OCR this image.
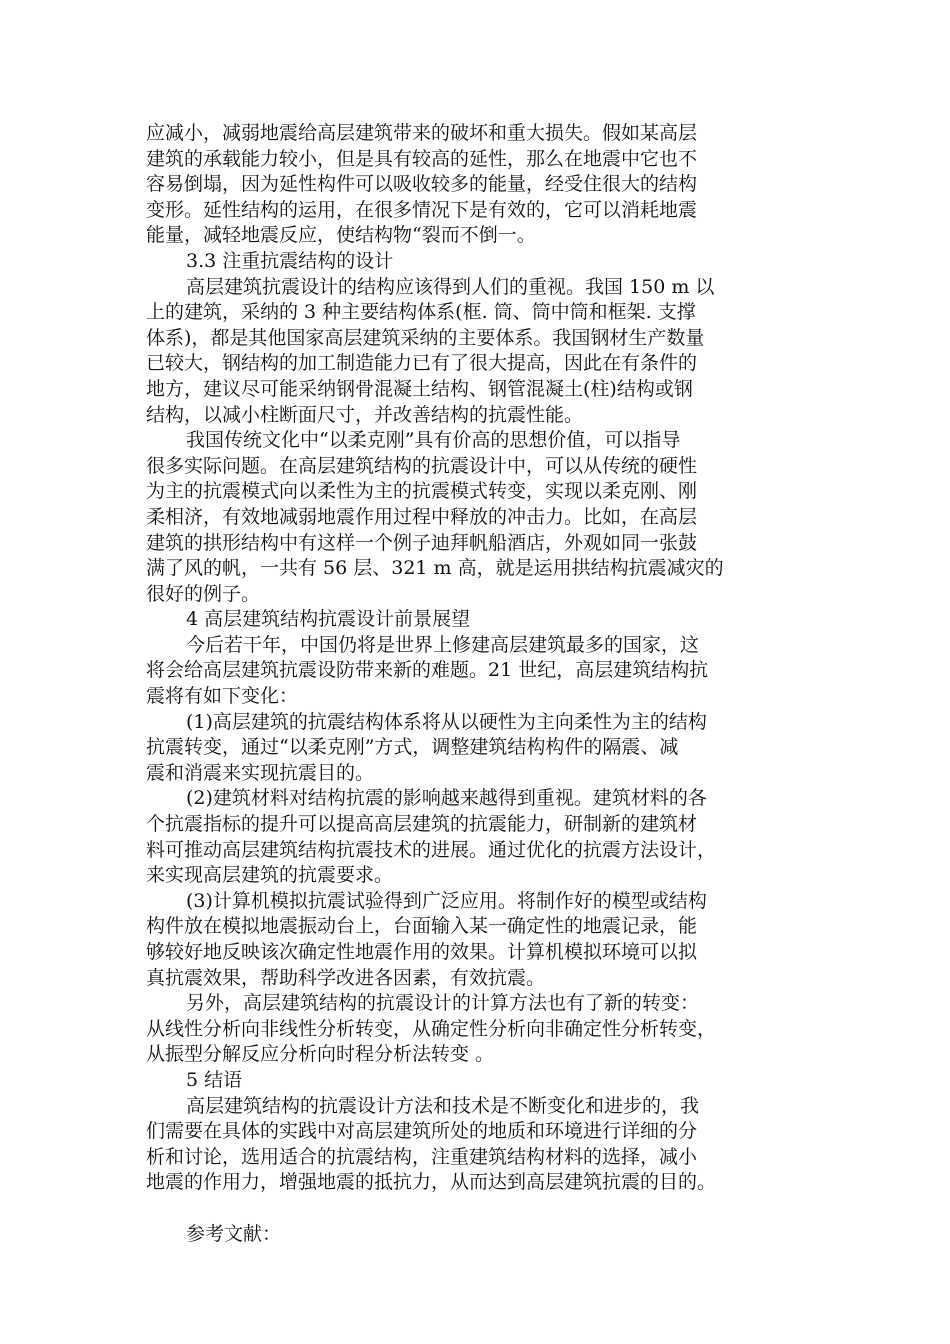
应减小，减弱地震给高层建筑带来的破坏和重大损失。假如某高层
建筑的承载能力较小，但是具有较高的延性，那么在地震中它也不
容易倒塌，因为延性构件可以吸收较多的能量，经受住很大的结构
变形。延性结构的运用，在很多情况下是有效的，它可以消耗地震
能量，减轻地震反应，使结构物“裂而不倒一。
3.3 注重抗震结构的设计
高层建筑抗震设计的结构应该得到人们的重视。我国 150 m 以
上的建筑，采纳的 3 种主要结构体系(框. 筒、筒中筒和框架. 支撑
体系)，都是其他国家高层建筑采纳的主要体系。我国钢材生产数量
已较大，钢结构的加工制造能力已有了很大提高，因此在有条件的
地方，建议尽可能采纳钢骨混凝土结构、钢管混凝土(柱)结构或钢
结构，以减小柱断面尺寸，并改善结构的抗震性能。
我国传统文化中“以柔克刚”具有价高的思想价值，可以指导
很多实际问题。在高层建筑结构的抗震设计中，可以从传统的硬性
为主的抗震模式向以柔性为主的抗震模式转变，实现以柔克刚、刚
柔相济，有效地减弱地震作用过程中释放的冲击力。比如，在高层
建筑的拱形结构中有这样一个例子迪拜帆船酒店，外观如同一张鼓
满了风的帆，一共有 56 层、321 m 高，就是运用拱结构抗震减灾的
很好的例子。
4 高层建筑结构抗震设计前景展望
今后若干年，中国仍将是世界上修建高层建筑最多的国家，这
将会给高层建筑抗震设防带来新的难题。21 世纪，高层建筑结构抗
震将有如下变化：
(1)高层建筑的抗震结构体系将从以硬性为主向柔性为主的结构
抗震转变，通过“以柔克刚”方式，调整建筑结构构件的隔震、减
震和消震来实现抗震目的。
(2)建筑材料对结构抗震的影响越来越得到重视。建筑材料的各
个抗震指标的提升可以提高高层建筑的抗震能力，研制新的建筑材
料可推动高层建筑结构抗震技术的进展。通过优化的抗震方法设计，
来实现高层建筑的抗震要求。
(3)计算机模拟抗震试验得到广泛应用。将制作好的模型或结构
构件放在模拟地震振动台上，台面输入某一确定性的地震记录，能
够较好地反映该次确定性地震作用的效果。计算机模拟环境可以拟
真抗震效果，帮助科学改进各因素，有效抗震。
另外，高层建筑结构的抗震设计的计算方法也有了新的转变：
从线性分析向非线性分析转变，从确定性分析向非确定性分析转变，
从振型分解反应分析向时程分析法转变 。
5 结语
高层建筑结构的抗震设计方法和技术是不断变化和进步的，我
们需要在具体的实践中对高层建筑所处的地质和环境进行详细的分
析和讨论，选用适合的抗震结构，注重建筑结构材料的选择，减小
地震的作用力，增强地震的抵抗力，从而达到高层建筑抗震的目的。
参考文献：
